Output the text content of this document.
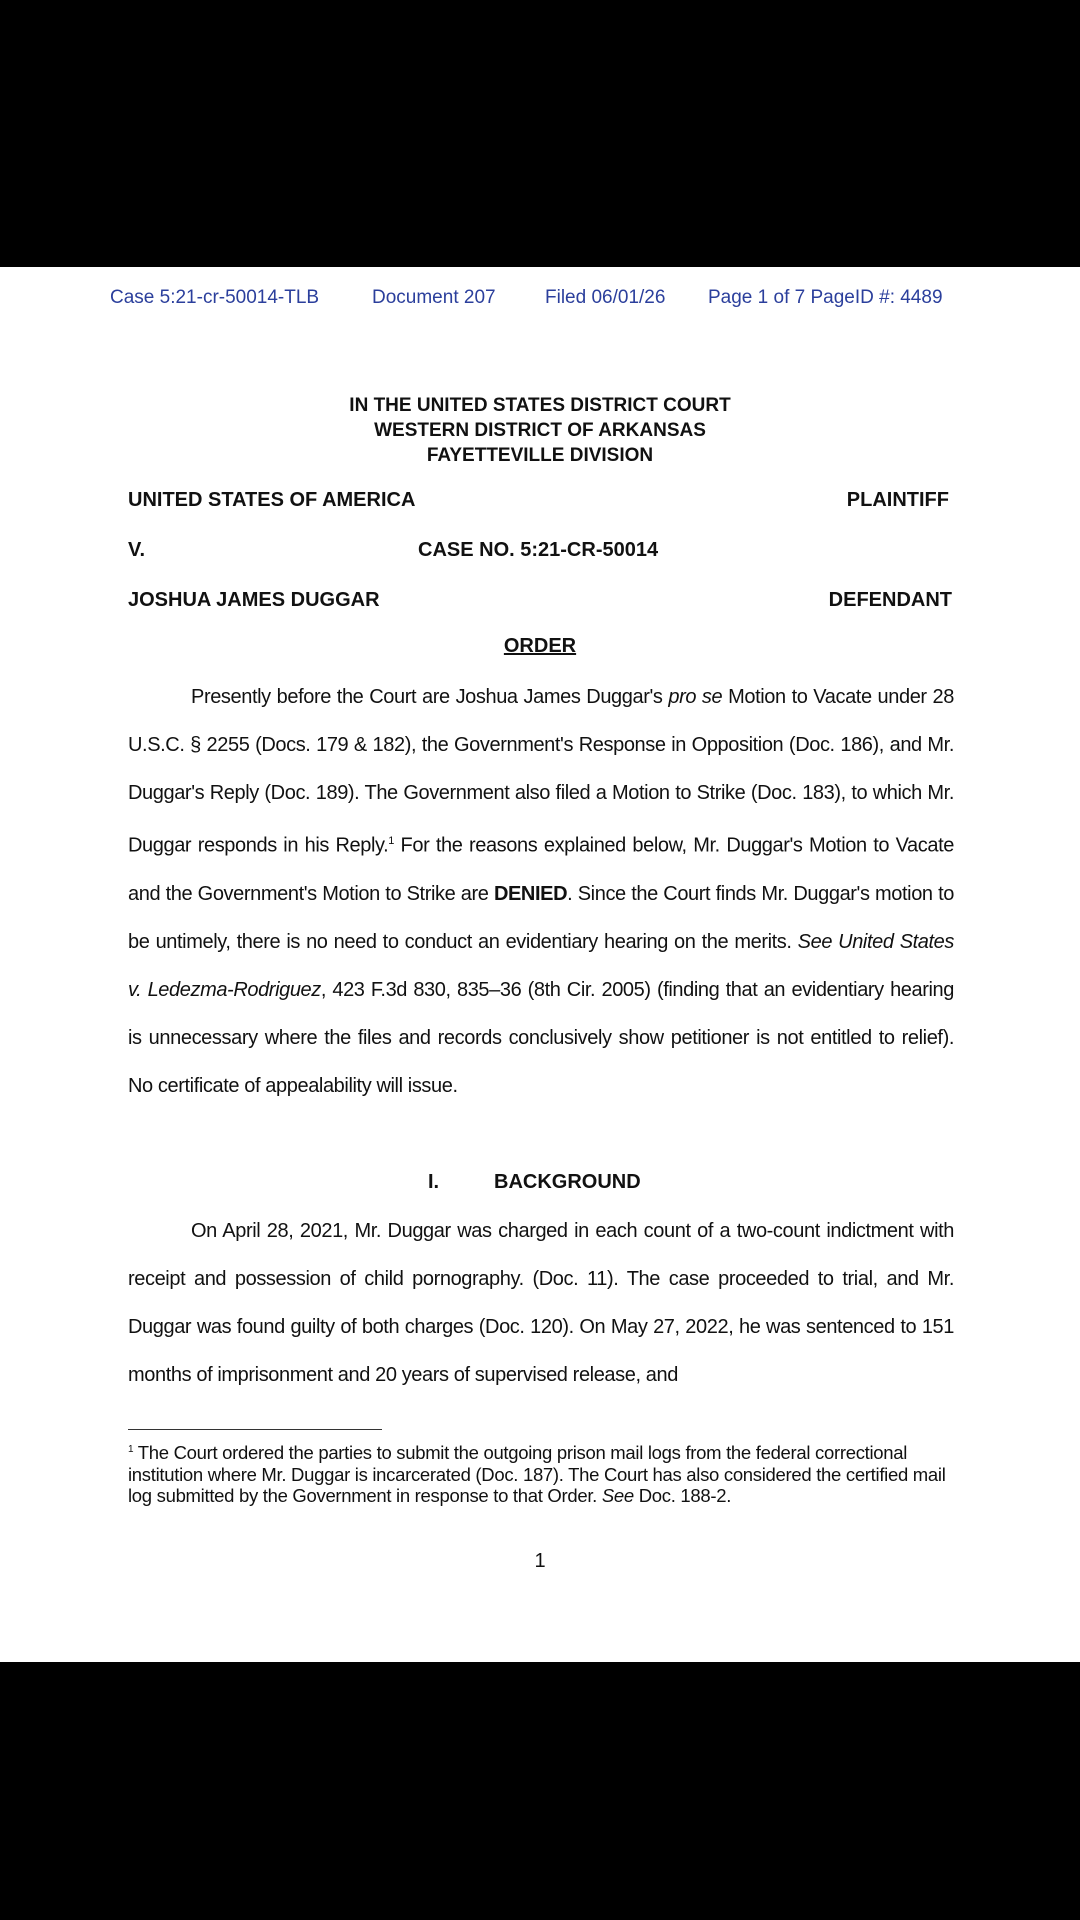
Case 5:21-cr-50014-TLB	Document 207	Filed 06/01/26 Page 1 of 7 PageID #: 4489
IN THE UNITED STATES DISTRICT COURT
WESTERN DISTRICT OF ARKANSAS
FAYETTEVILLE DIVISION
UNITED STATES OF AMERICA	PLAINTIFF
V.	CASE NO. 5:21-CR-50014
JOSHUA JAMES DUGGAR	DEFENDANT
ORDER

Presently before the Court are Joshua James Duggar's pro se Motion to Vacate under 28 U.S.C. § 2255 (Docs. 179 & 182), the Government's Response in Opposition (Doc. 186), and Mr. Duggar's Reply (Doc. 189). The Government also filed a Motion to Strike (Doc. 183), to which Mr. Duggar responds in his Reply.$^1$ For the reasons explained below, Mr. Duggar's Motion to Vacate and the Government's Motion to Strike are DENIED. Since the Court finds Mr. Duggar's motion to be untimely, there is no need to conduct an evidentiary hearing on the merits. See United States v. Ledezma-Rodriguez, 423 F.3d 830, 835–36 (8th Cir. 2005) (finding that an evidentiary hearing is unnecessary where the files and records conclusively show petitioner is not entitled to relief). No certificate of appealability will issue.

I.	BACKGROUND

On April 28, 2021, Mr. Duggar was charged in each count of a two-count indictment with receipt and possession of child pornography. (Doc. 11). The case proceeded to trial, and Mr. Duggar was found guilty of both charges (Doc. 120). On May 27, 2022, he was sentenced to 151 months of imprisonment and 20 years of supervised release, and

$^1$ The Court ordered the parties to submit the outgoing prison mail logs from the federal correctional institution where Mr. Duggar is incarcerated (Doc. 187). The Court has also considered the certified mail log submitted by the Government in response to that Order. See Doc. 188-2.
1
